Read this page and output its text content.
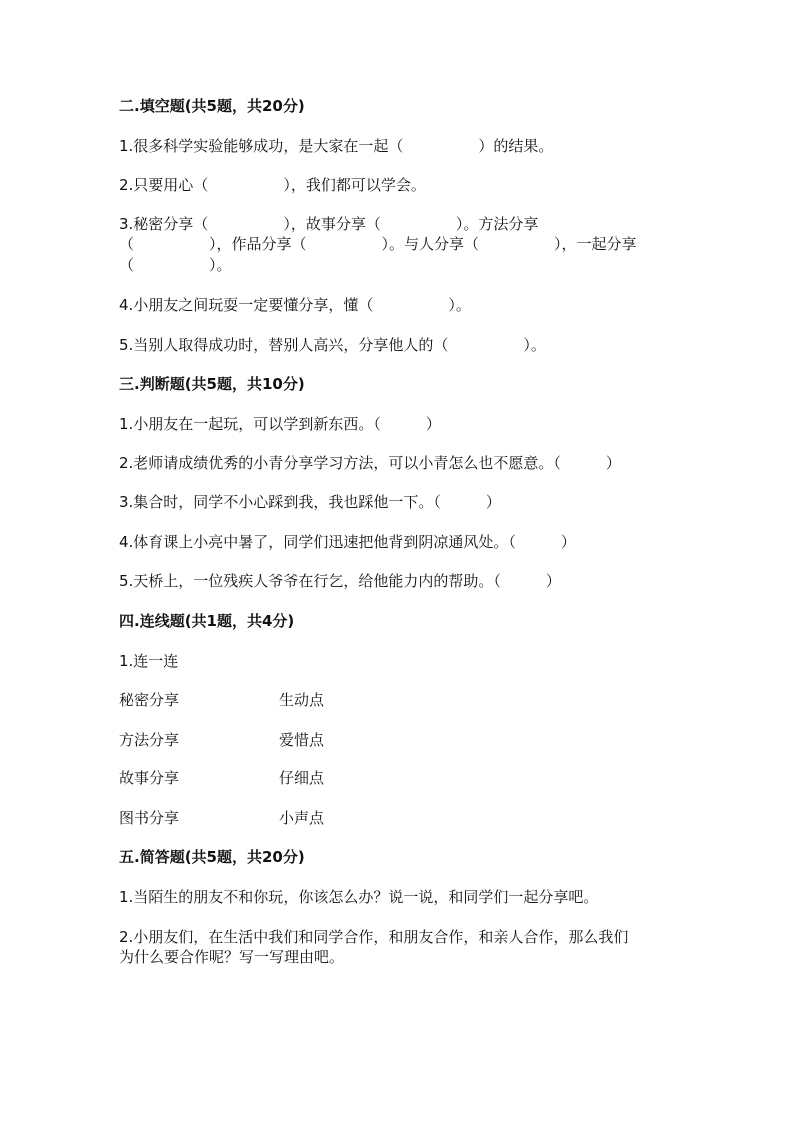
二.填空题(共5题，共20分)
1.很多科学实验能够成功，是大家在一起（　　　　　）的结果。
2.只要用心（　　　　　），我们都可以学会。
3.秘密分享（　　　　　），故事分享（　　　　　）。方法分享
（　　　　　），作品分享（　　　　　）。与人分享（　　　　　），一起分享
（　　　　　）。
4.小朋友之间玩耍一定要懂分享，懂（　　　　　）。
5.当别人取得成功时，替别人高兴，分享他人的（　　　　　）。
三.判断题(共5题，共10分)
1.小朋友在一起玩，可以学到新东西。（　　　）
2.老师请成绩优秀的小青分享学习方法，可以小青怎么也不愿意。（　　　）
3.集合时，同学不小心踩到我，我也踩他一下。（　　　）
4.体育课上小亮中暑了，同学们迅速把他背到阴凉通风处。（　　　）
5.天桥上，一位残疾人爷爷在行乞，给他能力内的帮助。（　　　）
四.连线题(共1题，共4分)
1.连一连
秘密分享	生动点
方法分享	爱惜点
故事分享	仔细点
图书分享	小声点
五.简答题(共5题，共20分)
1.当陌生的朋友不和你玩，你该怎么办？说一说，和同学们一起分享吧。
2.小朋友们，在生活中我们和同学合作，和朋友合作，和亲人合作，那么我们
为什么要合作呢？写一写理由吧。
